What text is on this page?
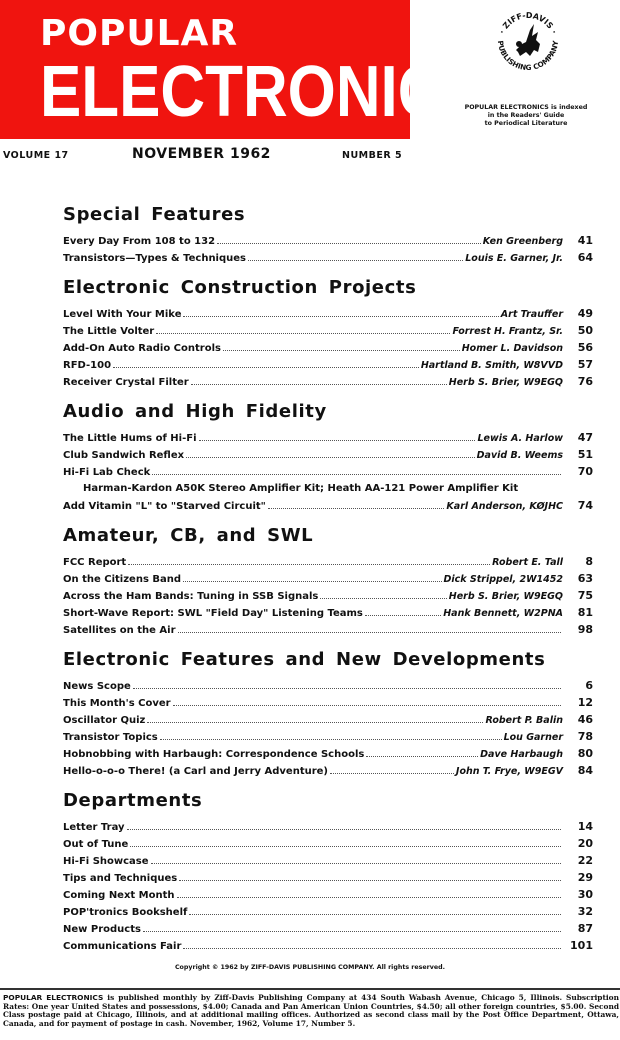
POPULAR
ELECTRONICS
· ZIFF-DAVIS ·
PUBLISHING COMPANY
POPULAR ELECTRONICS is indexed
in the Readers' Guide
to Periodical Literature
VOLUME 17	NOVEMBER 1962	NUMBER 5
Special Features
Every Day From 108 to 132	Ken Greenberg	41
Transistors—Types & Techniques	Louis E. Garner, Jr.	64
Electronic Construction Projects
Level With Your Mike	Art Trauffer	49
The Little Volter	Forrest H. Frantz, Sr.	50
Add-On Auto Radio Controls	Homer L. Davidson	56
RFD-100	Hartland B. Smith, W8VVD	57
Receiver Crystal Filter	Herb S. Brier, W9EGQ	76
Audio and High Fidelity
The Little Hums of Hi-Fi	Lewis A. Harlow	47
Club Sandwich Reflex	David B. Weems	51
Hi-Fi Lab Check	70
Harman-Kardon A50K Stereo Amplifier Kit; Heath AA-121 Power Amplifier Kit
Add Vitamin "L" to "Starved Circuit"	Karl Anderson, KØJHC	74
Amateur, CB, and SWL
FCC Report	Robert E. Tall	8
On the Citizens Band	Dick Strippel, 2W1452	63
Across the Ham Bands: Tuning in SSB Signals	Herb S. Brier, W9EGQ	75
Short-Wave Report: SWL "Field Day" Listening Teams	Hank Bennett, W2PNA	81
Satellites on the Air	98
Electronic Features and New Developments
News Scope	6
This Month's Cover	12
Oscillator Quiz	Robert P. Balin	46
Transistor Topics	Lou Garner	78
Hobnobbing with Harbaugh: Correspondence Schools	Dave Harbaugh	80
Hello-o-o-o There! (a Carl and Jerry Adventure)	John T. Frye, W9EGV	84
Departments
Letter Tray	14
Out of Tune	20
Hi-Fi Showcase	22
Tips and Techniques	29
Coming Next Month	30
POP'tronics Bookshelf	32
New Products	87
Communications Fair	101
Copyright © 1962 by ZIFF-DAVIS PUBLISHING COMPANY. All rights reserved.
POPULAR ELECTRONICS is published monthly by Ziff-Davis Publishing Company at 434 South Wabash Avenue, Chicago 5, Illinois. Subscription Rates: One year United States and possessions, $4.00; Canada and Pan American Union Countries, $4.50; all other foreign countries, $5.00. Second Class postage paid at Chicago, Illinois, and at additional mailing offices. Authorized as second class mail by the Post Office Department, Ottawa, Canada, and for payment of postage in cash. November, 1962, Volume 17, Number 5.
